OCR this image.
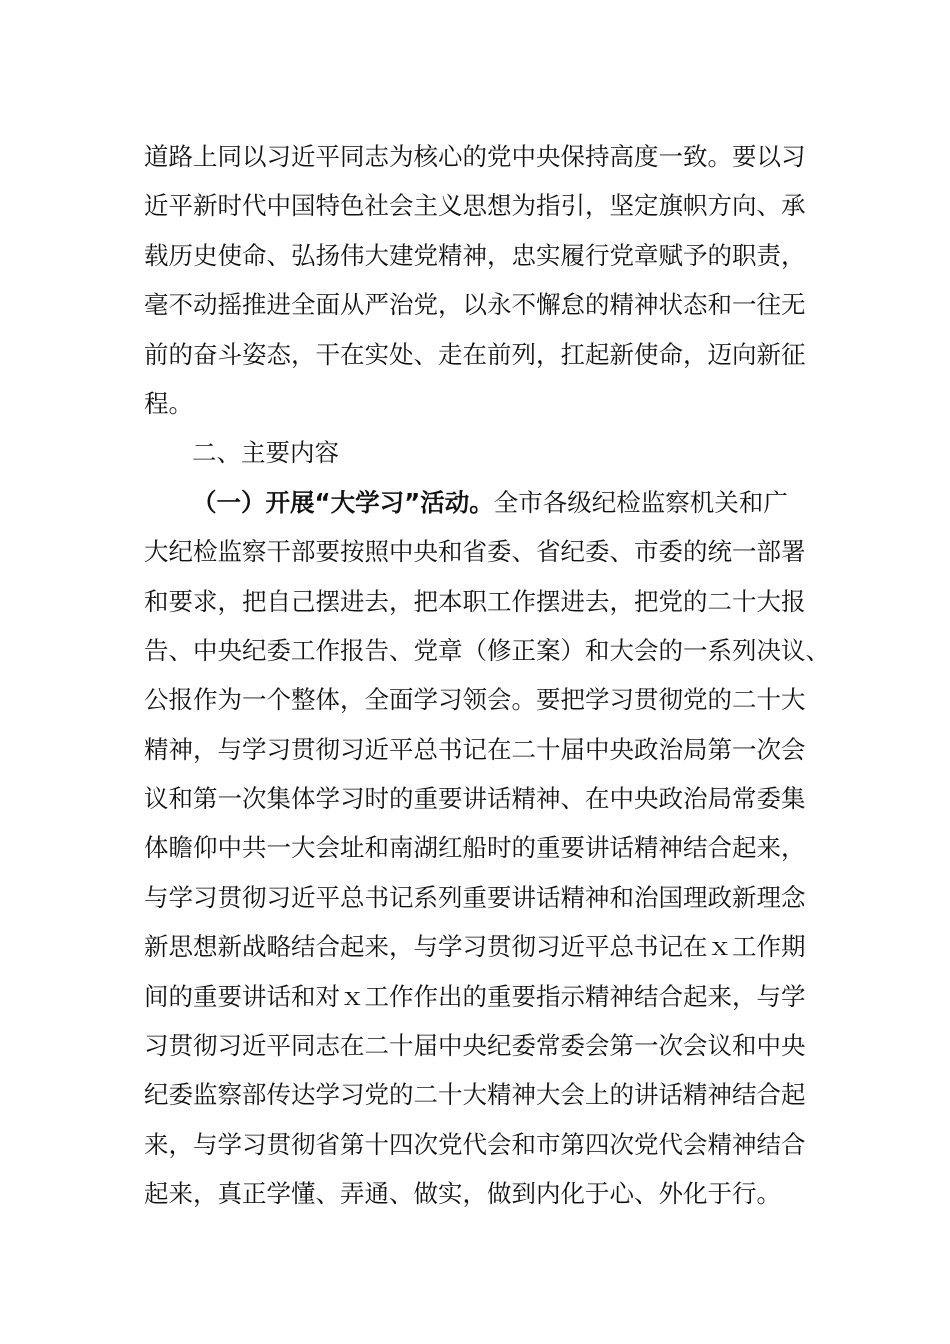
道路上同以习近平同志为核心的党中央保持高度一致。要以习
近平新时代中国特色社会主义思想为指引，坚定旗帜方向、承
载历史使命、弘扬伟大建党精神，忠实履行党章赋予的职责，
毫不动摇推进全面从严治党，以永不懈怠的精神状态和一往无
前的奋斗姿态，干在实处、走在前列，扛起新使命，迈向新征
程。
二、主要内容
（一）开展“大学习”活动。全市各级纪检监察机关和广
大纪检监察干部要按照中央和省委、省纪委、市委的统一部署
和要求，把自己摆进去，把本职工作摆进去，把党的二十大报
告、中央纪委工作报告、党章（修正案）和大会的一系列决议、
公报作为一个整体，全面学习领会。要把学习贯彻党的二十大
精神，与学习贯彻习近平总书记在二十届中央政治局第一次会
议和第一次集体学习时的重要讲话精神、在中央政治局常委集
体瞻仰中共一大会址和南湖红船时的重要讲话精神结合起来，
与学习贯彻习近平总书记系列重要讲话精神和治国理政新理念
新思想新战略结合起来，与学习贯彻习近平总书记在ｘ工作期
间的重要讲话和对ｘ工作作出的重要指示精神结合起来，与学
习贯彻习近平同志在二十届中央纪委常委会第一次会议和中央
纪委监察部传达学习党的二十大精神大会上的讲话精神结合起
来，与学习贯彻省第十四次党代会和市第四次党代会精神结合
起来，真正学懂、弄通、做实，做到内化于心、外化于行。
